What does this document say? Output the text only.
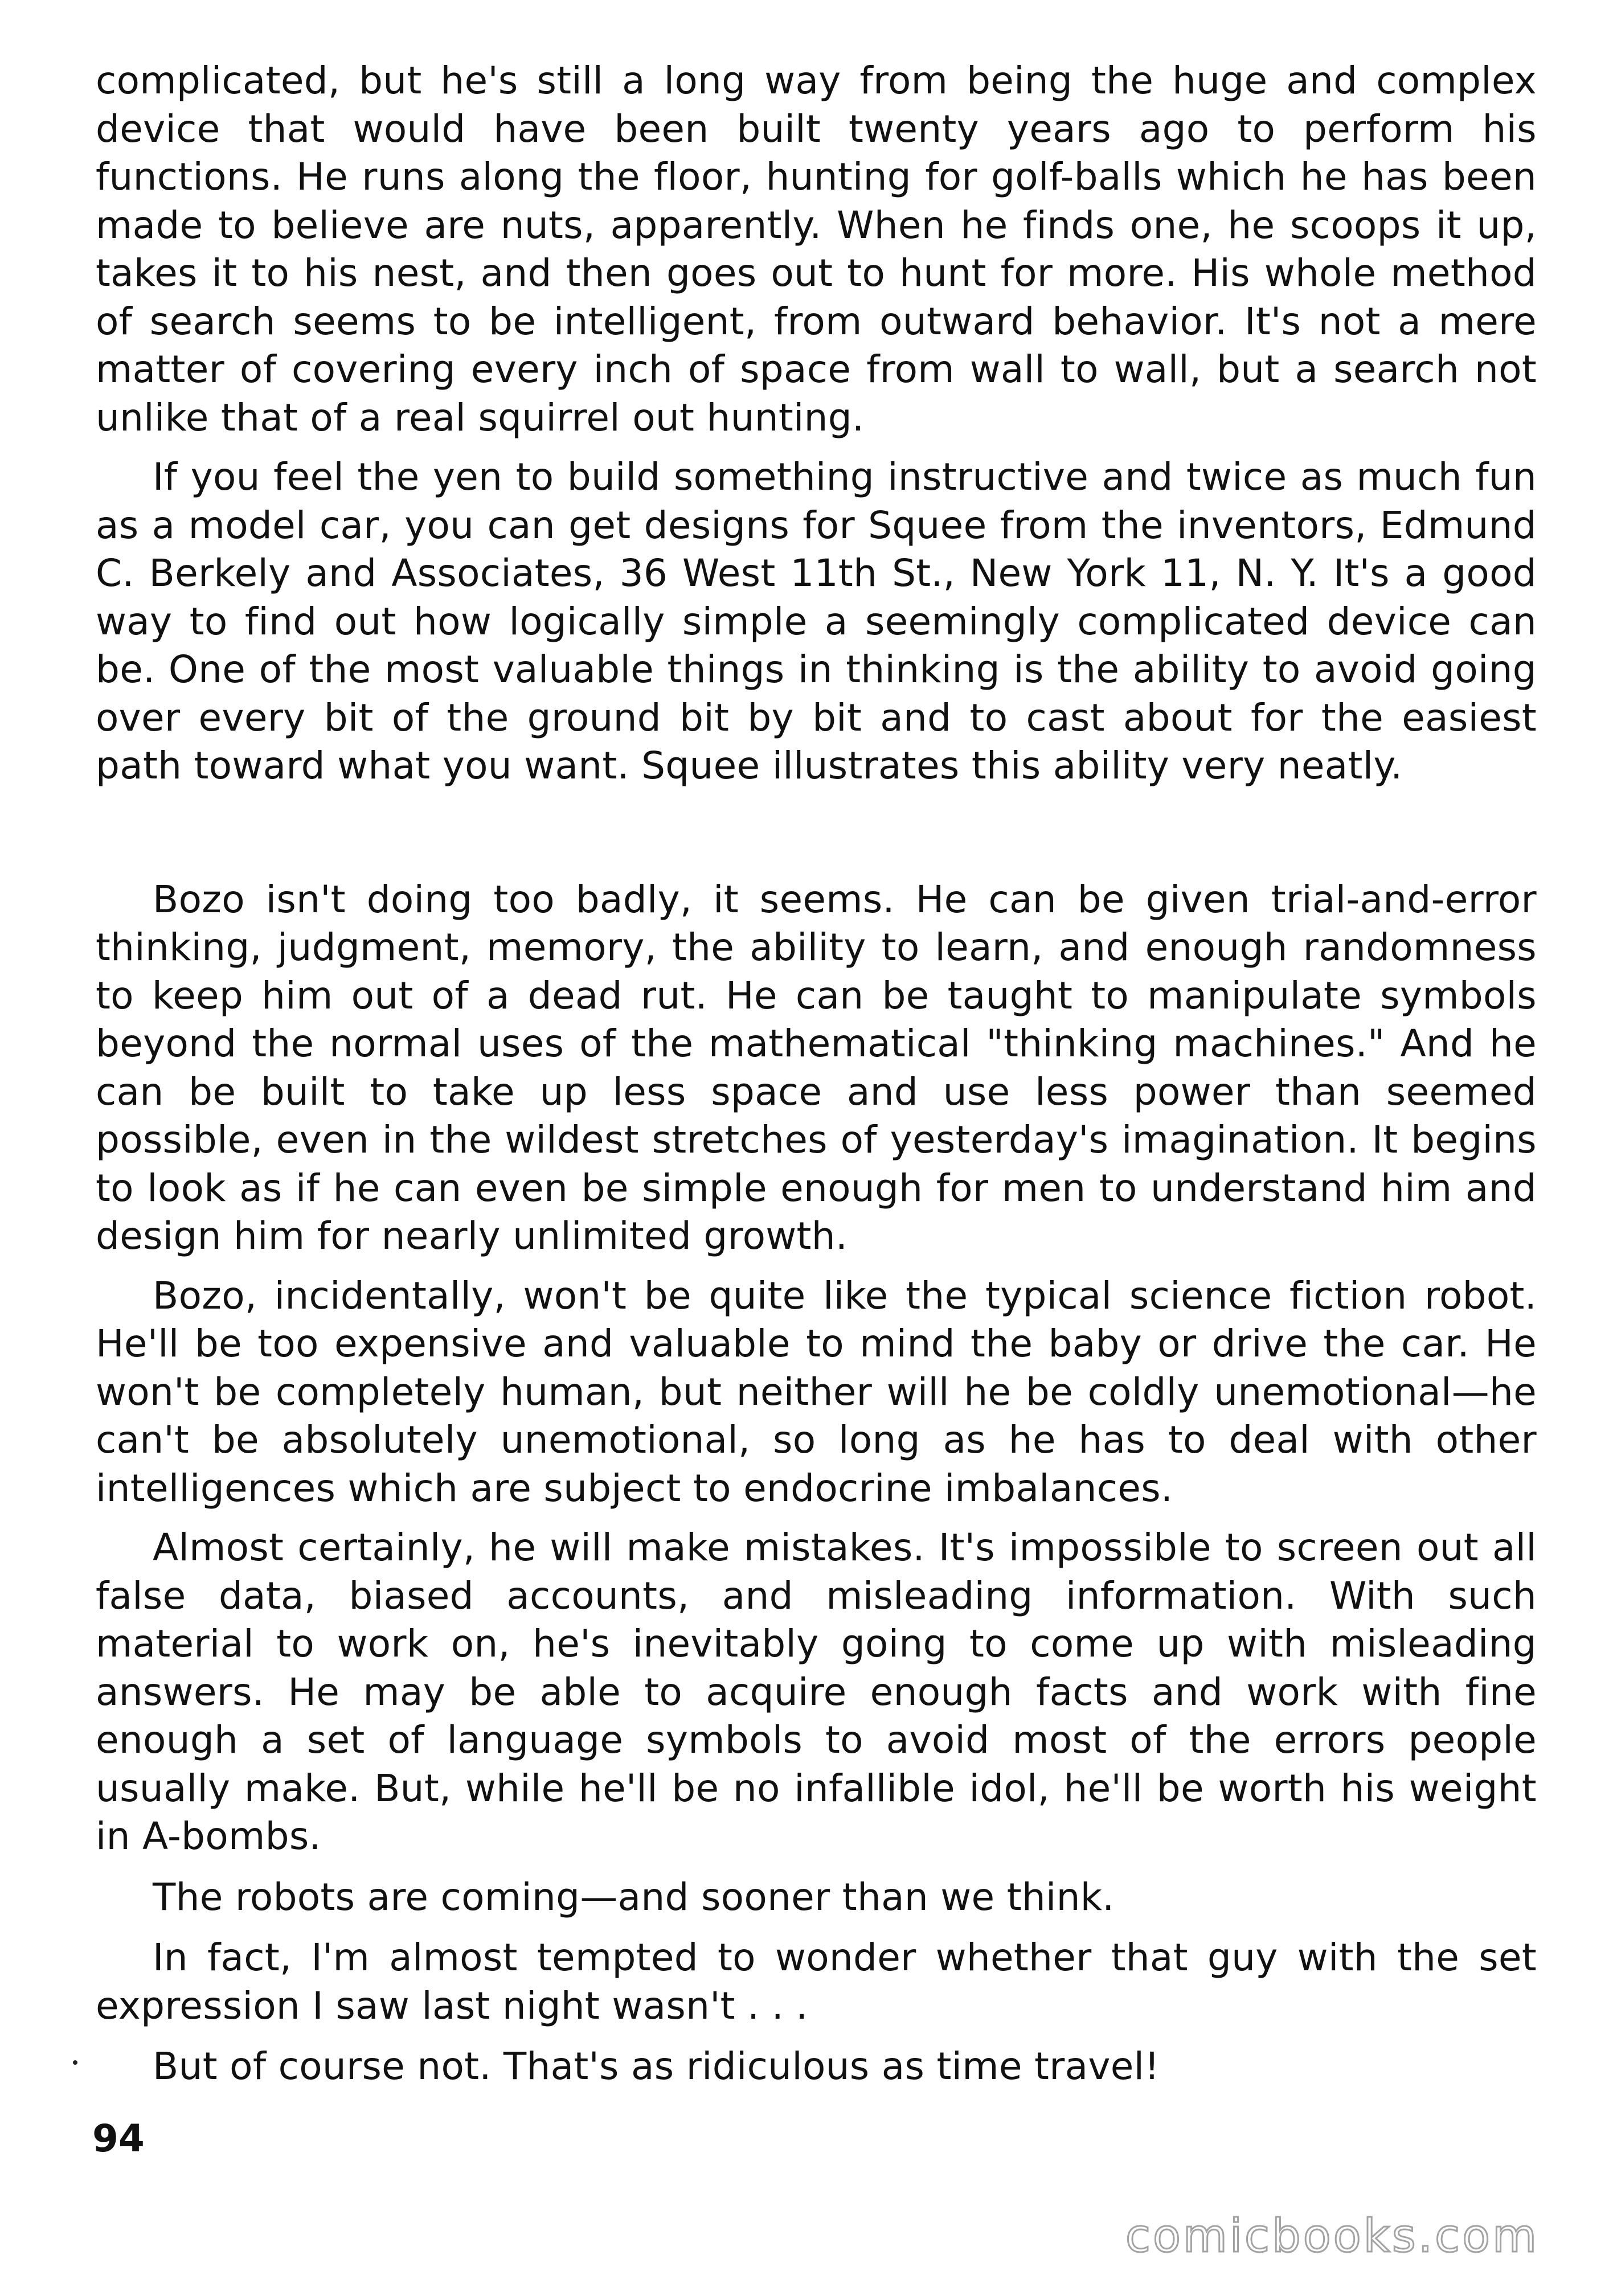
complicated, but he's still a long way from being the huge and complex device that would have been built twenty years ago to perform his functions. He runs along the floor, hunting for golf-balls which he has been made to believe are nuts, apparently. When he finds one, he scoops it up, takes it to his nest, and then goes out to hunt for more. His whole method of search seems to be intelligent, from outward behavior. It's not a mere matter of covering every inch of space from wall to wall, but a search not unlike that of a real squirrel out hunting.

If you feel the yen to build something instructive and twice as much fun as a model car, you can get designs for Squee from the inventors, Edmund C. Berkely and Associates, 36 West 11th St., New York 11, N. Y. It's a good way to find out how logically simple a seemingly complicated device can be. One of the most valuable things in thinking is the ability to avoid going over every bit of the ground bit by bit and to cast about for the easiest path toward what you want. Squee illustrates this ability very neatly.

Bozo isn't doing too badly, it seems. He can be given trial-and-error thinking, judgment, memory, the ability to learn, and enough randomness to keep him out of a dead rut. He can be taught to manipulate symbols beyond the normal uses of the mathematical "thinking machines." And he can be built to take up less space and use less power than seemed possible, even in the wildest stretches of yesterday's imagination. It begins to look as if he can even be simple enough for men to understand him and design him for nearly unlimited growth.

Bozo, incidentally, won't be quite like the typical science fiction robot. He'll be too expensive and valuable to mind the baby or drive the car. He won't be completely human, but neither will he be coldly unemotional—he can't be absolutely unemotional, so long as he has to deal with other intelligences which are subject to endocrine imbalances.

Almost certainly, he will make mistakes. It's impossible to screen out all false data, biased accounts, and misleading information. With such material to work on, he's inevitably going to come up with misleading answers. He may be able to acquire enough facts and work with fine enough a set of language symbols to avoid most of the errors people usually make. But, while he'll be no infallible idol, he'll be worth his weight in A-bombs.

The robots are coming—and sooner than we think.

In fact, I'm almost tempted to wonder whether that guy with the set expression I saw last night wasn't . . .

But of course not. That's as ridiculous as time travel!

94
comicbooks.com
